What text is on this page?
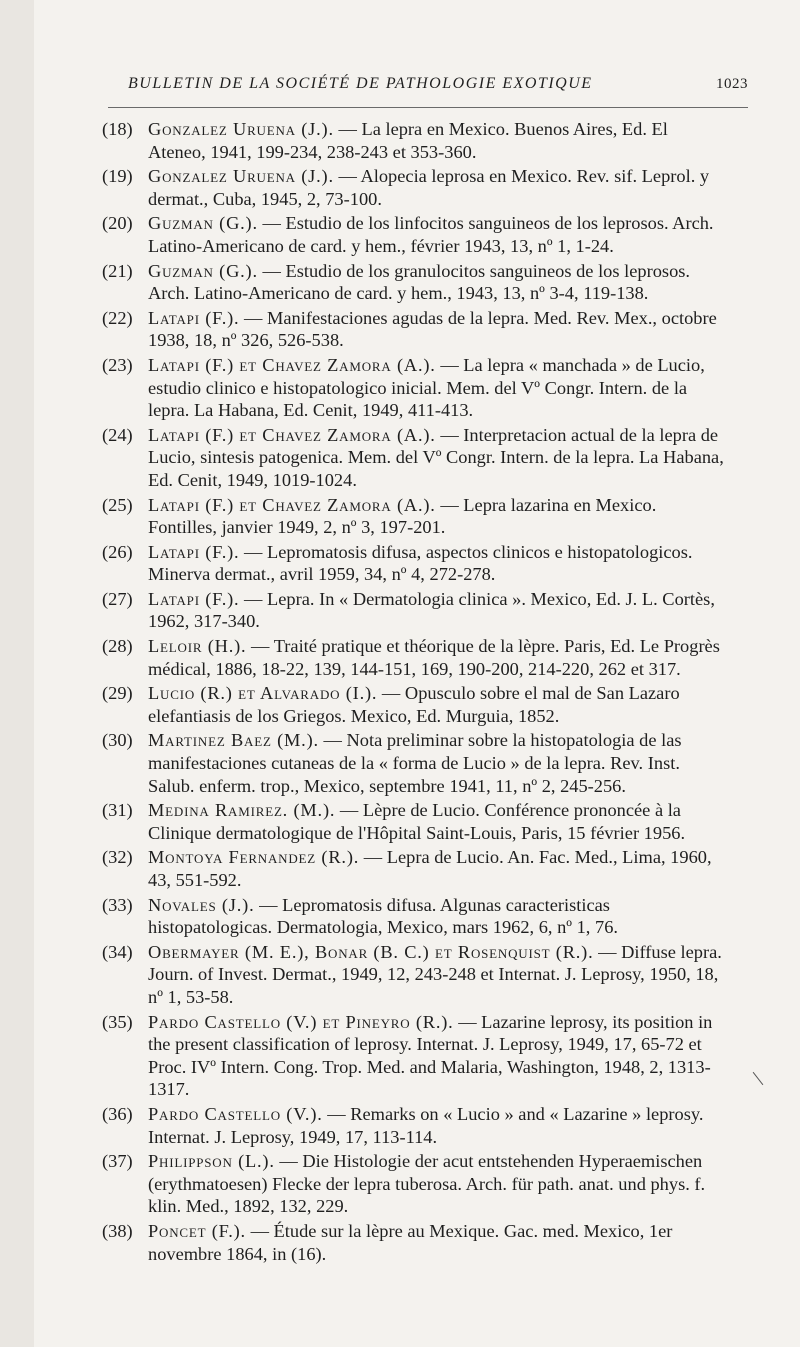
BULLETIN DE LA SOCIÉTÉ DE PATHOLOGIE EXOTIQUE	1023

(18) Gonzalez Uruena (J.). — La lepra en Mexico. Buenos Aires, Ed. El Ateneo, 1941, 199-234, 238-243 et 353-360.

(19) Gonzalez Uruena (J.). — Alopecia leprosa en Mexico. Rev. sif. Leprol. y dermat., Cuba, 1945, 2, 73-100.

(20) Guzman (G.). — Estudio de los linfocitos sanguineos de los leprosos. Arch. Latino-Americano de card. y hem., février 1943, 13, nº 1, 1-24.

(21) Guzman (G.). — Estudio de los granulocitos sanguineos de los leprosos. Arch. Latino-Americano de card. y hem., 1943, 13, nº 3-4, 119-138.

(22) Latapi (F.). — Manifestaciones agudas de la lepra. Med. Rev. Mex., octobre 1938, 18, nº 326, 526-538.

(23) Latapi (F.) et Chavez Zamora (A.). — La lepra « manchada » de Lucio, estudio clinico e histopatologico inicial. Mem. del Vº Congr. Intern. de la lepra. La Habana, Ed. Cenit, 1949, 411-413.

(24) Latapi (F.) et Chavez Zamora (A.). — Interpretacion actual de la lepra de Lucio, sintesis patogenica. Mem. del Vº Congr. Intern. de la lepra. La Habana, Ed. Cenit, 1949, 1019-1024.

(25) Latapi (F.) et Chavez Zamora (A.). — Lepra lazarina en Mexico. Fontilles, janvier 1949, 2, nº 3, 197-201.

(26) Latapi (F.). — Lepromatosis difusa, aspectos clinicos e histopatologicos. Minerva dermat., avril 1959, 34, nº 4, 272-278.

(27) Latapi (F.). — Lepra. In « Dermatologia clinica ». Mexico, Ed. J. L. Cortès, 1962, 317-340.

(28) Leloir (H.). — Traité pratique et théorique de la lèpre. Paris, Ed. Le Progrès médical, 1886, 18-22, 139, 144-151, 169, 190-200, 214-220, 262 et 317.

(29) Lucio (R.) et Alvarado (I.). — Opusculo sobre el mal de San Lazaro elefantiasis de los Griegos. Mexico, Ed. Murguia, 1852.

(30) Martinez Baez (M.). — Nota preliminar sobre la histopatologia de las manifestaciones cutaneas de la « forma de Lucio » de la lepra. Rev. Inst. Salub. enferm. trop., Mexico, septembre 1941, 11, nº 2, 245-256.

(31) Medina Ramirez. (M.). — Lèpre de Lucio. Conférence prononcée à la Clinique dermatologique de l'Hôpital Saint-Louis, Paris, 15 février 1956.

(32) Montoya Fernandez (R.). — Lepra de Lucio. An. Fac. Med., Lima, 1960, 43, 551-592.

(33) Novales (J.). — Lepromatosis difusa. Algunas caracteristicas histopatologicas. Dermatologia, Mexico, mars 1962, 6, nº 1, 76.

(34) Obermayer (M. E.), Bonar (B. C.) et Rosenquist (R.). — Diffuse lepra. Journ. of Invest. Dermat., 1949, 12, 243-248 et Internat. J. Leprosy, 1950, 18, nº 1, 53-58.

(35) Pardo Castello (V.) et Pineyro (R.). — Lazarine leprosy, its position in the present classification of leprosy. Internat. J. Leprosy, 1949, 17, 65-72 et Proc. IVº Intern. Cong. Trop. Med. and Malaria, Washington, 1948, 2, 1313-1317.

(36) Pardo Castello (V.). — Remarks on « Lucio » and « Lazarine » leprosy. Internat. J. Leprosy, 1949, 17, 113-114.

(37) Philippson (L.). — Die Histologie der acut entstehenden Hyperaemischen (erythmatoesen) Flecke der lepra tuberosa. Arch. für path. anat. und phys. f. klin. Med., 1892, 132, 229.

(38) Poncet (F.). — Étude sur la lèpre au Mexique. Gac. med. Mexico, 1er novembre 1864, in (16).
